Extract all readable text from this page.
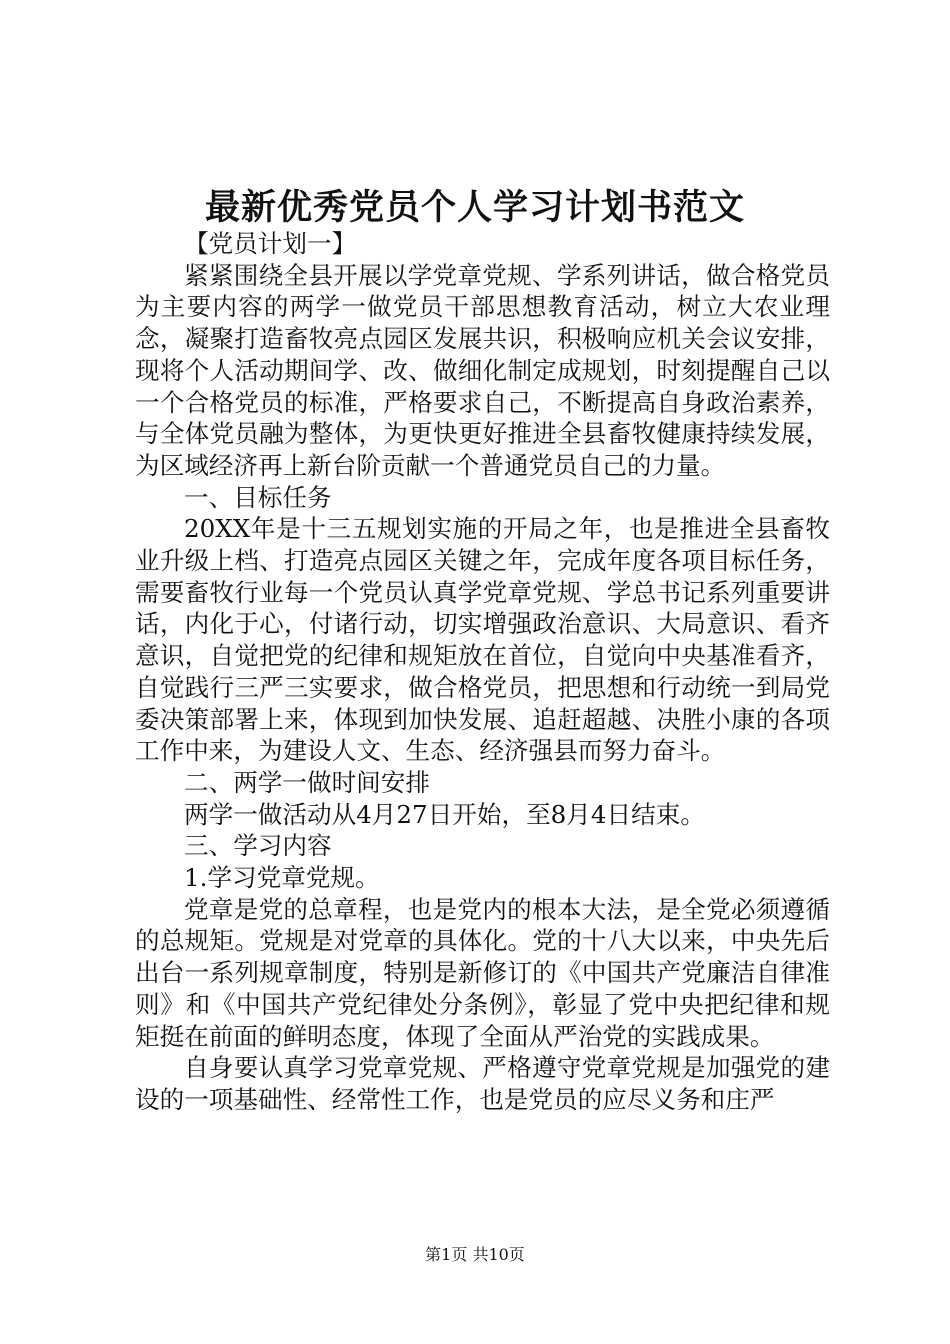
最新优秀党员个人学习计划书范文

【党员计划一】

紧紧围绕全县开展以学党章党规、学系列讲话，做合格党员为主要内容的两学一做党员干部思想教育活动，树立大农业理念，凝聚打造畜牧亮点园区发展共识，积极响应机关会议安排，现将个人活动期间学、改、做细化制定成规划，时刻提醒自己以一个合格党员的标准，严格要求自己，不断提高自身政治素养，与全体党员融为整体，为更快更好推进全县畜牧健康持续发展，为区域经济再上新台阶贡献一个普通党员自己的力量。

一、目标任务

20XX年是十三五规划实施的开局之年，也是推进全县畜牧业升级上档、打造亮点园区关键之年，完成年度各项目标任务，需要畜牧行业每一个党员认真学党章党规、学总书记系列重要讲话，内化于心，付诸行动，切实增强政治意识、大局意识、看齐意识，自觉把党的纪律和规矩放在首位，自觉向中央基准看齐，自觉践行三严三实要求，做合格党员，把思想和行动统一到局党委决策部署上来，体现到加快发展、追赶超越、决胜小康的各项工作中来，为建设人文、生态、经济强县而努力奋斗。

二、两学一做时间安排

两学一做活动从4月27日开始，至8月4日结束。

三、学习内容

1.学习党章党规。

党章是党的总章程，也是党内的根本大法，是全党必须遵循的总规矩。党规是对党章的具体化。党的十八大以来，中央先后出台一系列规章制度，特别是新修订的《中国共产党廉洁自律准则》和《中国共产党纪律处分条例》，彰显了党中央把纪律和规矩挺在前面的鲜明态度，体现了全面从严治党的实践成果。

自身要认真学习党章党规、严格遵守党章党规是加强党的建设的一项基础性、经常性工作，也是党员的应尽义务和庄严

第1页 共10页
